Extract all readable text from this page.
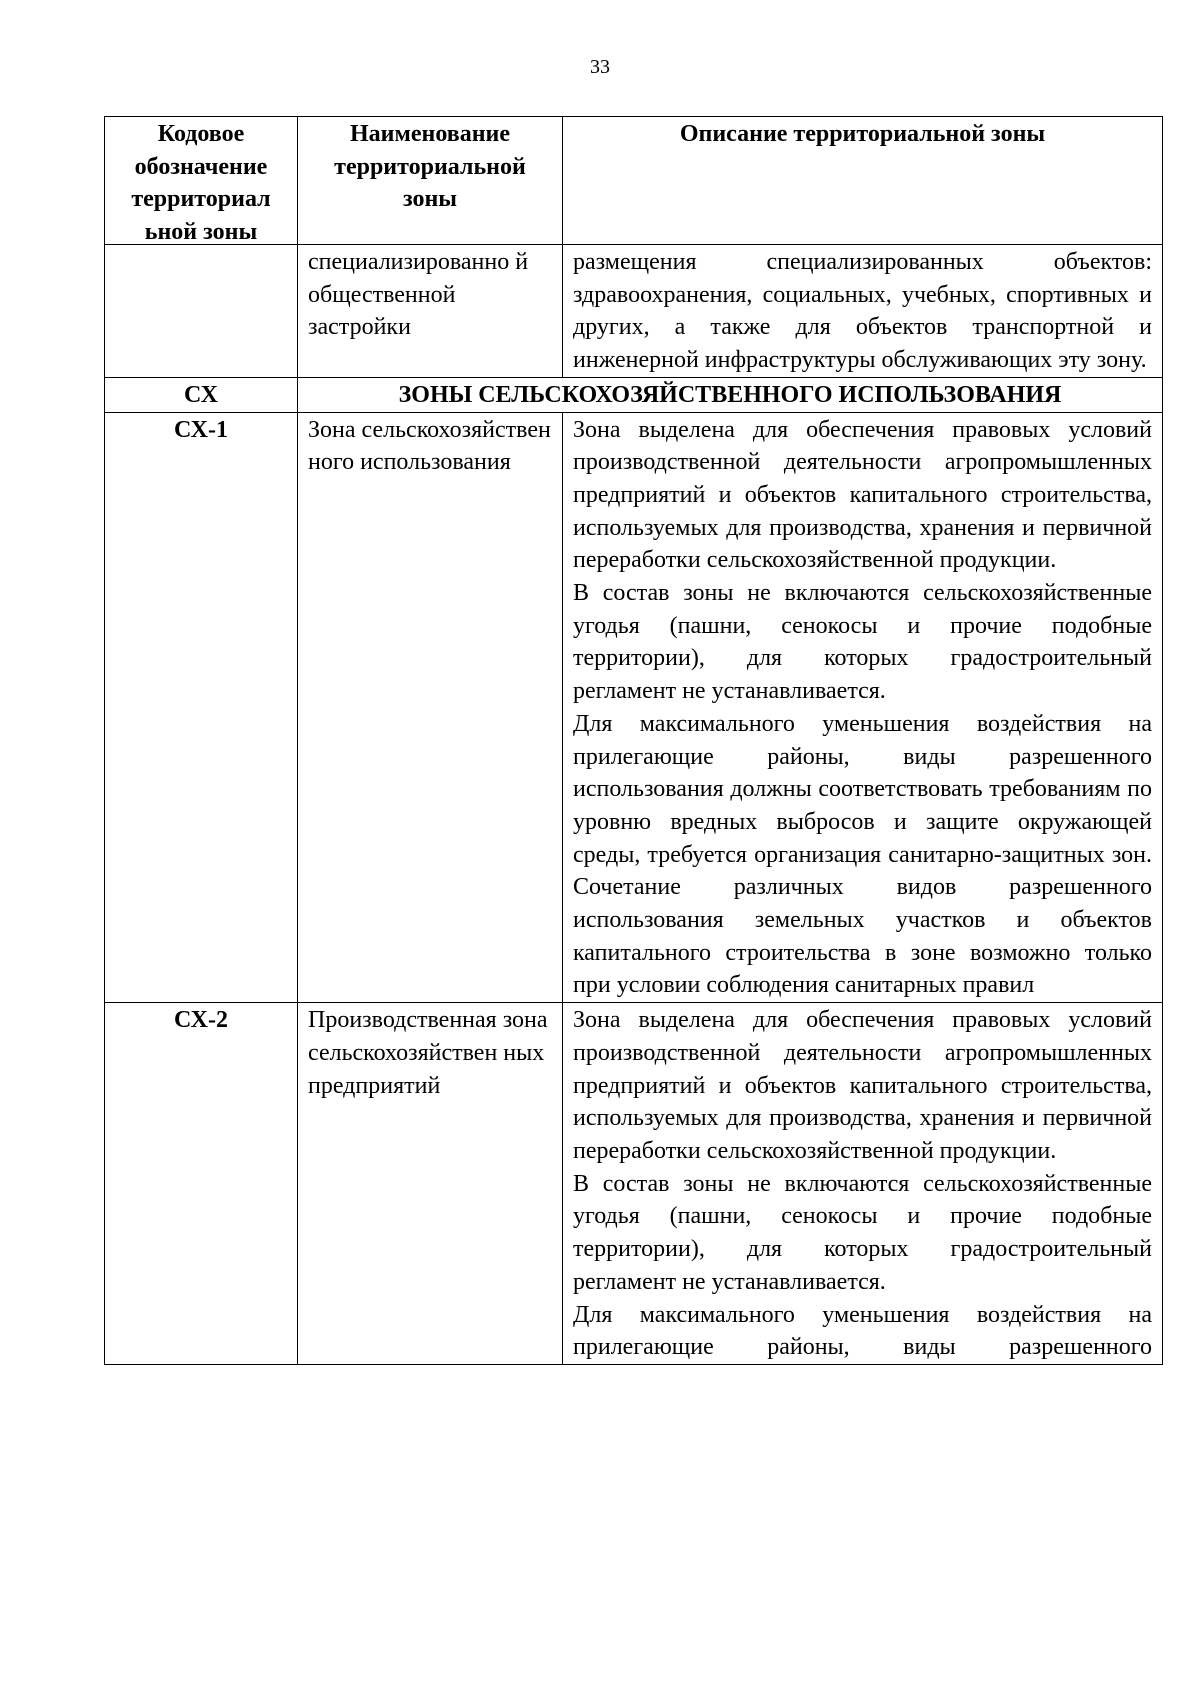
33
Кодовое обозначение территориал ьной зоны	Наименование территориальной зоны	Описание территориальной зоны

	специализированно й общественной застройки	размещения специализированных объектов: здравоохранения, социальных, учебных, спортивных и других, а также для объектов транспортной и инженерной инфраструктуры обслуживающих эту зону.

СХ	ЗОНЫ СЕЛЬСКОХОЗЯЙСТВЕННОГО ИСПОЛЬЗОВАНИЯ	
СХ-1	Зона сельскохозяйствен ного использования	Зона выделена для обеспечения правовых условий производственной деятельности агропромышленных предприятий и объектов капитального строительства, используемых для производства, хранения и первичной переработки сельскохозяйственной продукции.

В состав зоны не включаются сельскохозяйственные угодья (пашни, сенокосы и прочие подобные территории), для которых градостроительный регламент не устанавливается.

Для максимального уменьшения воздействия на прилегающие районы, виды разрешенного использования должны соответствовать требованиям по уровню вредных выбросов и защите окружающей среды, требуется организация санитарно-защитных зон. Сочетание различных видов разрешенного использования земельных участков и объектов капитального строительства в зоне возможно только при условии соблюдения санитарных правил

СХ-2	Производственная зона сельскохозяйствен ных предприятий	Зона выделена для обеспечения правовых условий производственной деятельности агропромышленных предприятий и объектов капитального строительства, используемых для производства, хранения и первичной переработки сельскохозяйственной продукции.

В состав зоны не включаются сельскохозяйственные угодья (пашни, сенокосы и прочие подобные территории), для которых градостроительный регламент не устанавливается.

Для максимального уменьшения воздействия на прилегающие районы, виды разрешенного
